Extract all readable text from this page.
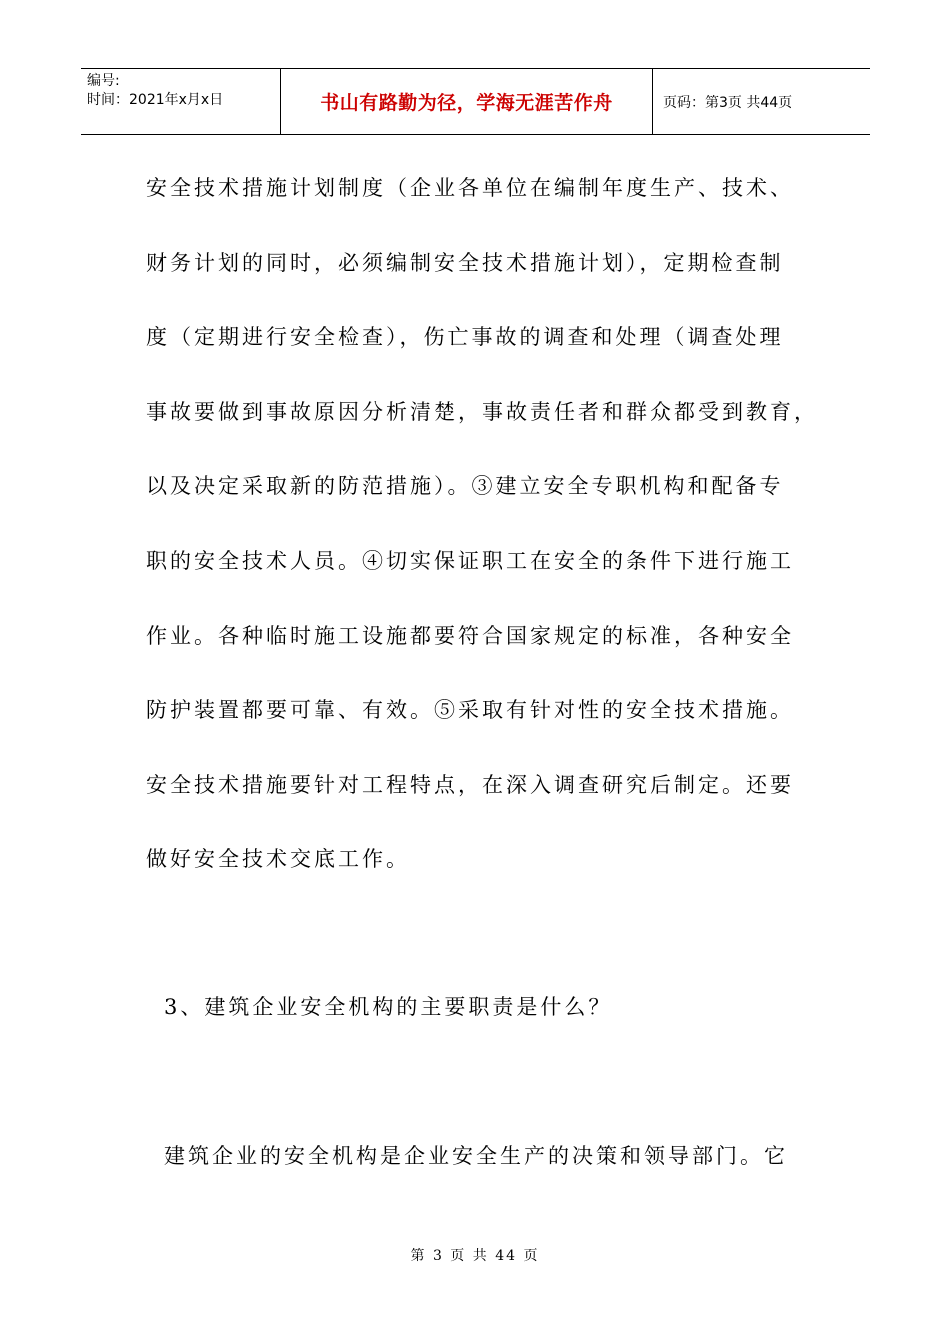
编号:
时间：2021年x月x日	书山有路勤为径，学海无涯苦作舟	页码：第3页 共44页
安全技术措施计划制度（企业各单位在编制年度生产、技术、
财务计划的同时，必须编制安全技术措施计划），定期检查制
度（定期进行安全检查），伤亡事故的调查和处理（调查处理
事故要做到事故原因分析清楚，事故责任者和群众都受到教育，
以及决定采取新的防范措施）。③建立安全专职机构和配备专
职的安全技术人员。④切实保证职工在安全的条件下进行施工
作业。各种临时施工设施都要符合国家规定的标准，各种安全
防护装置都要可靠、有效。⑤采取有针对性的安全技术措施。
安全技术措施要针对工程特点，在深入调查研究后制定。还要
做好安全技术交底工作。
3、建筑企业安全机构的主要职责是什么？
建筑企业的安全机构是企业安全生产的决策和领导部门。它
第 3 页 共 44 页
